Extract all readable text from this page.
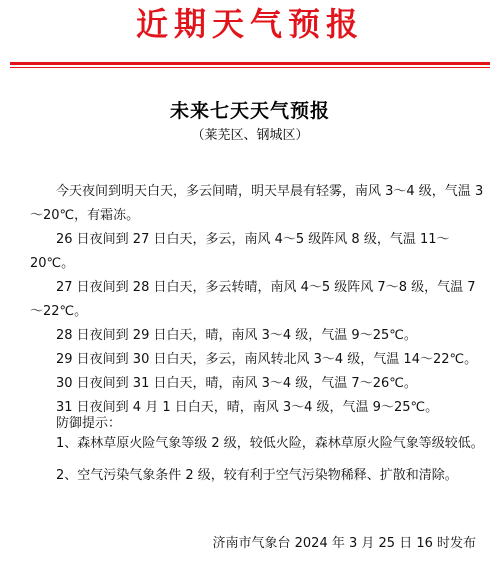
近期天气预报
未来七天天气预报
（莱芜区、钢城区）

今天夜间到明天白天，多云间晴，明天早晨有轻雾，南风 3～4 级，气温 3～20℃，有霜冻。

26 日夜间到 27 日白天，多云，南风 4～5 级阵风 8 级，气温 11～20℃。

27 日夜间到 28 日白天，多云转晴，南风 4～5 级阵风 7～8 级，气温 7～22℃。

28 日夜间到 29 日白天，晴，南风 3～4 级，气温 9～25℃。

29 日夜间到 30 日白天，多云，南风转北风 3～4 级，气温 14～22℃。

30 日夜间到 31 日白天，晴，南风 3～4 级，气温 7～26℃。

31 日夜间到 4 月 1 日白天，晴，南风 3～4 级，气温 9～25℃。

防御提示：

1、森林草原火险气象等级 2 级，较低火险，森林草原火险气象等级较低。

2、空气污染气象条件 2 级，较有利于空气污染物稀释、扩散和清除。

济南市气象台 2024 年 3 月 25 日 16 时发布
